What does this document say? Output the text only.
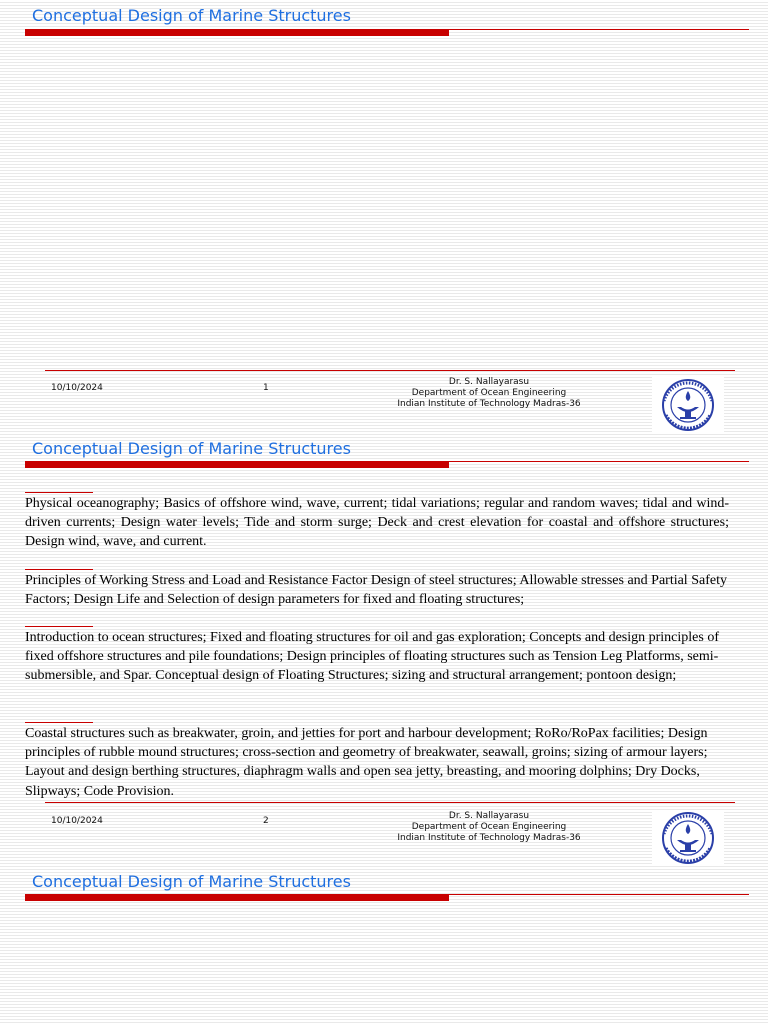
Conceptual Design of Marine Structures
10/10/2024	1
Dr. S. Nallayarasu
Department of Ocean Engineering
Indian Institute of Technology Madras-36
Conceptual Design of Marine Structures

Physical oceanography; Basics of offshore wind, wave, current; tidal variations; regular and random waves; tidal and wind-driven currents; Design water levels; Tide and storm surge; Deck and crest elevation for coastal and offshore structures; Design wind, wave, and current.

Principles of Working Stress and Load and Resistance Factor Design of steel structures; Allowable stresses and Partial Safety Factors; Design Life and Selection of design parameters for fixed and floating structures;

Introduction to ocean structures; Fixed and floating structures for oil and gas exploration; Concepts and design principles of fixed offshore structures and pile foundations; Design principles of floating structures such as Tension Leg Platforms, semi-submersible, and Spar. Conceptual design of Floating Structures; sizing and structural arrangement; pontoon design;

Coastal structures such as breakwater, groin, and jetties for port and harbour development; RoRo/RoPax facilities; Design principles of rubble mound structures; cross-section and geometry of breakwater, seawall, groins; sizing of armour layers; Layout and design berthing structures, diaphragm walls and open sea jetty, breasting, and mooring dolphins; Dry Docks, Slipways; Code Provision.

10/10/2024	2	Dr. S. Nallayarasu
Department of Ocean Engineering
Indian Institute of Technology Madras-36
Conceptual Design of Marine Structures
